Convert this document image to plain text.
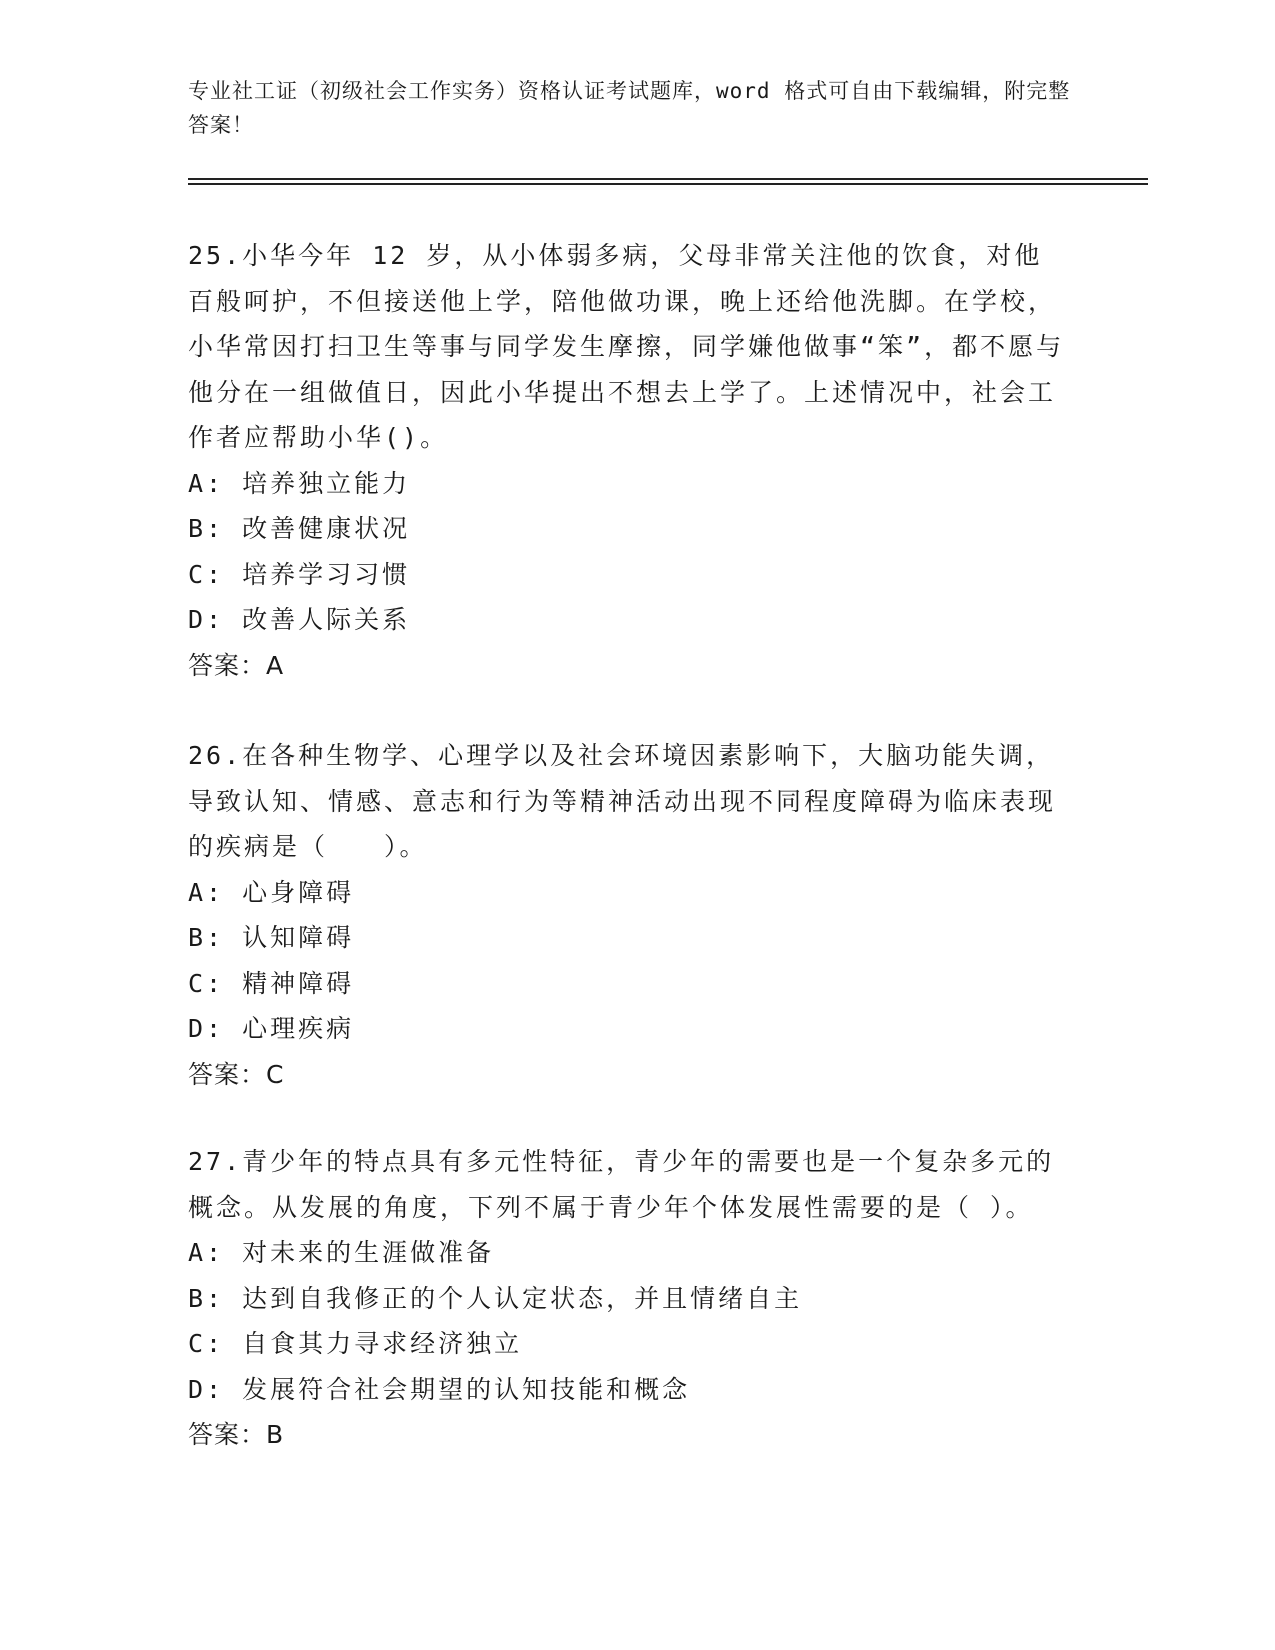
专业社工证（初级社会工作实务）资格认证考试题库，word 格式可自由下载编辑，附完整答案！

25.小华今年 12 岁，从小体弱多病，父母非常关注他的饮食，对他百般呵护，不但接送他上学，陪他做功课，晚上还给他洗脚。在学校，小华常因打扫卫生等事与同学发生摩擦，同学嫌他做事“笨”，都不愿与他分在一组做值日，因此小华提出不想去上学了。上述情况中，社会工作者应帮助小华()。

A: 培养独立能力

B: 改善健康状况

C: 培养学习习惯

D: 改善人际关系

答案：A

26.在各种生物学、心理学以及社会环境因素影响下，大脑功能失调，导致认知、情感、意志和行为等精神活动出现不同程度障碍为临床表现的疾病是（　　）。

A: 心身障碍

B: 认知障碍

C: 精神障碍

D: 心理疾病

答案：C

27.青少年的特点具有多元性特征，青少年的需要也是一个复杂多元的概念。从发展的角度，下列不属于青少年个体发展性需要的是（ ）。

A: 对未来的生涯做准备

B: 达到自我修正的个人认定状态，并且情绪自主

C: 自食其力寻求经济独立

D: 发展符合社会期望的认知技能和概念

答案：B
